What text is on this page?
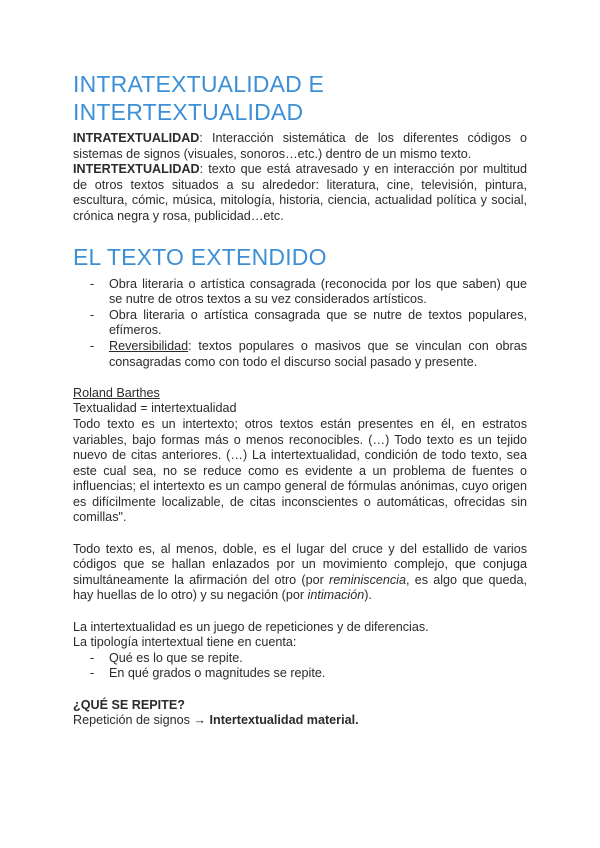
INTRATEXTUALIDAD E INTERTEXTUALIDAD

INTRATEXTUALIDAD: Interacción sistemática de los diferentes códigos o sistemas de signos (visuales, sonoros…etc.) dentro de un mismo texto.

INTERTEXTUALIDAD: texto que está atravesado y en interacción por multitud de otros textos situados a su alrededor: literatura, cine, televisión, pintura, escultura, cómic, música, mitología, historia, ciencia, actualidad política y social, crónica negra y rosa, publicidad…etc.

EL TEXTO EXTENDIDO
- Obra literaria o artística consagrada (reconocida por los que saben) que se nutre de otros textos a su vez considerados artísticos.
- Obra literaria o artística consagrada que se nutre de textos populares, efímeros.
- Reversibilidad: textos populares o masivos que se vinculan con obras consagradas como con todo el discurso social pasado y presente.

Roland Barthes

Textualidad = intertextualidad

Todo texto es un intertexto; otros textos están presentes en él, en estratos variables, bajo formas más o menos reconocibles. (…) Todo texto es un tejido nuevo de citas anteriores. (…) La intertextualidad, condición de todo texto, sea este cual sea, no se reduce como es evidente a un problema de fuentes o influencias; el intertexto es un campo general de fórmulas anónimas, cuyo origen es difícilmente localizable, de citas inconscientes o automáticas, ofrecidas sin comillas".

Todo texto es, al menos, doble, es el lugar del cruce y del estallido de varios códigos que se hallan enlazados por un movimiento complejo, que conjuga simultáneamente la afirmación del otro (por reminiscencia, es algo que queda, hay huellas de lo otro) y su negación (por intimación).

La intertextualidad es un juego de repeticiones y de diferencias.

La tipología intertextual tiene en cuenta:

- Qué es lo que se repite.
- En qué grados o magnitudes se repite.

¿QUÉ SE REPITE?

Repetición de signos → Intertextualidad material.
